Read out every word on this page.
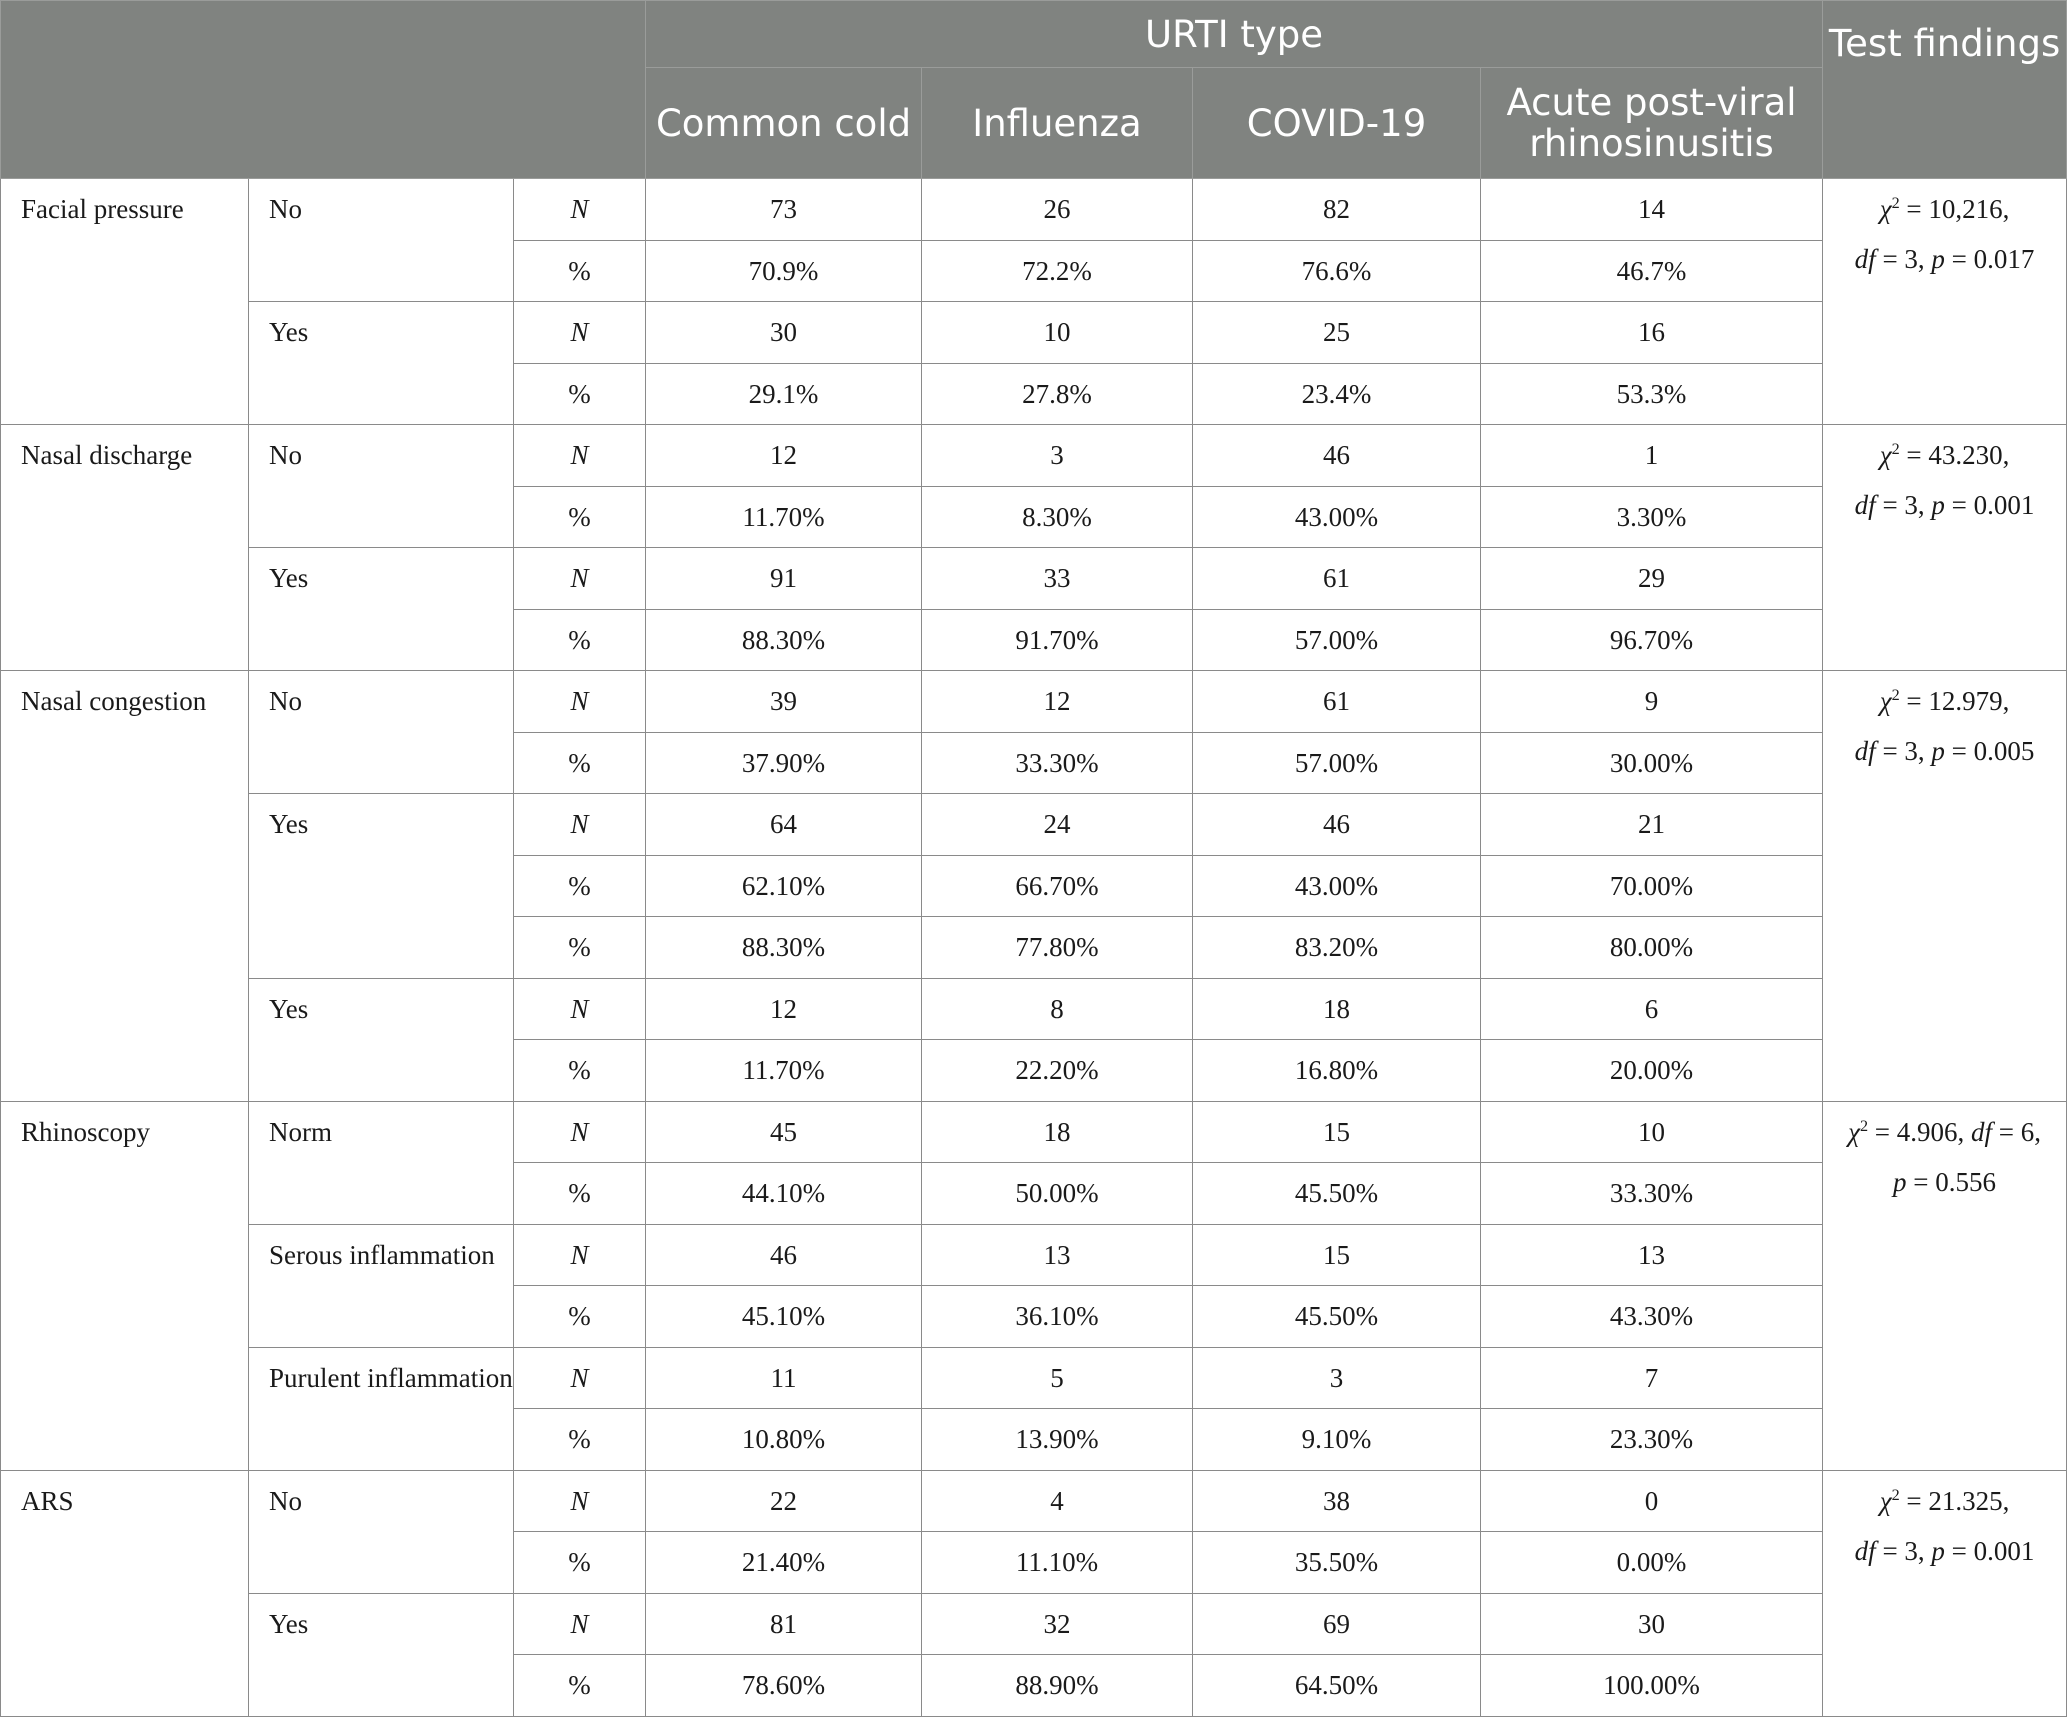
			URTI type				Test findings
			Common cold	Influenza	COVID-19	Acute post-viral rhinosinusitis	
Facial pressure	No	N	73	26	82	14	$\chi^2 = 10,216$,
df = 3, p = 0.017

		%	70.9%	72.2%	76.6%	46.7%	
	Yes	N	30	10	25	16	
		%	29.1%	27.8%	23.4%	53.3%	
Nasal discharge	No	N	12	3	46	1	$\chi^2 = 43.230$,
df = 3, p = 0.001

		%	11.70%	8.30%	43.00%	3.30%	
	Yes	N	91	33	61	29	
		%	88.30%	91.70%	57.00%	96.70%	
Nasal congestion	No	N	39	12	61	9	$\chi^2 = 12.979$,
df = 3, p = 0.005

		%	37.90%	33.30%	57.00%	30.00%	
	Yes	N	64	24	46	21	
		%	62.10%	66.70%	43.00%	70.00%	
		%	88.30%	77.80%	83.20%	80.00%	
	Yes	N	12	8	18	6	
		%	11.70%	22.20%	16.80%	20.00%	
Rhinoscopy	Norm	N	45	18	15	10	$\chi^2 = 4.906$, df = 6,
p = 0.556

		%	44.10%	50.00%	45.50%	33.30%	
	Serous inflammation	N	46	13	15	13	
		%	45.10%	36.10%	45.50%	43.30%	
	Purulent inflammation	N	11	5	3	7	
		%	10.80%	13.90%	9.10%	23.30%	
ARS	No	N	22	4	38	0	$\chi^2 = 21.325$,
df = 3, p = 0.001

		%	21.40%	11.10%	35.50%	0.00%	
	Yes	N	81	32	69	30	
		%	78.60%	88.90%	64.50%	100.00%	
